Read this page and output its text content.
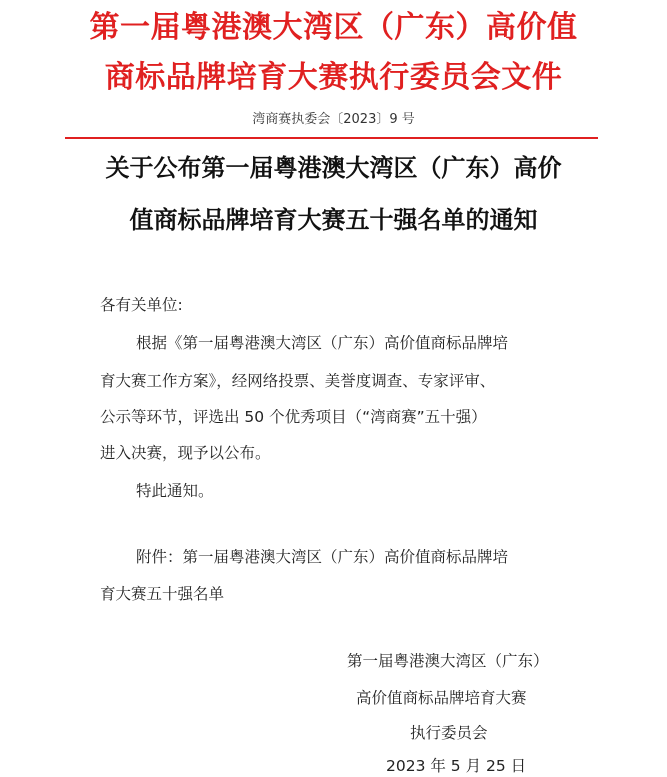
第一届粤港澳大湾区（广东）高价值
商标品牌培育大赛执行委员会文件
湾商赛执委会〔2023〕9 号
关于公布第一届粤港澳大湾区（广东）高价
值商标品牌培育大赛五十强名单的通知
各有关单位:
根据《第一届粤港澳大湾区（广东）高价值商标品牌培
育大赛工作方案》，经网络投票、美誉度调查、专家评审、
公示等环节，评选出 50 个优秀项目（“湾商赛”五十强）
进入决赛，现予以公布。
特此通知。
附件：第一届粤港澳大湾区（广东）高价值商标品牌培
育大赛五十强名单
第一届粤港澳大湾区（广东）
高价值商标品牌培育大赛
执行委员会
2023 年 5 月 25 日
